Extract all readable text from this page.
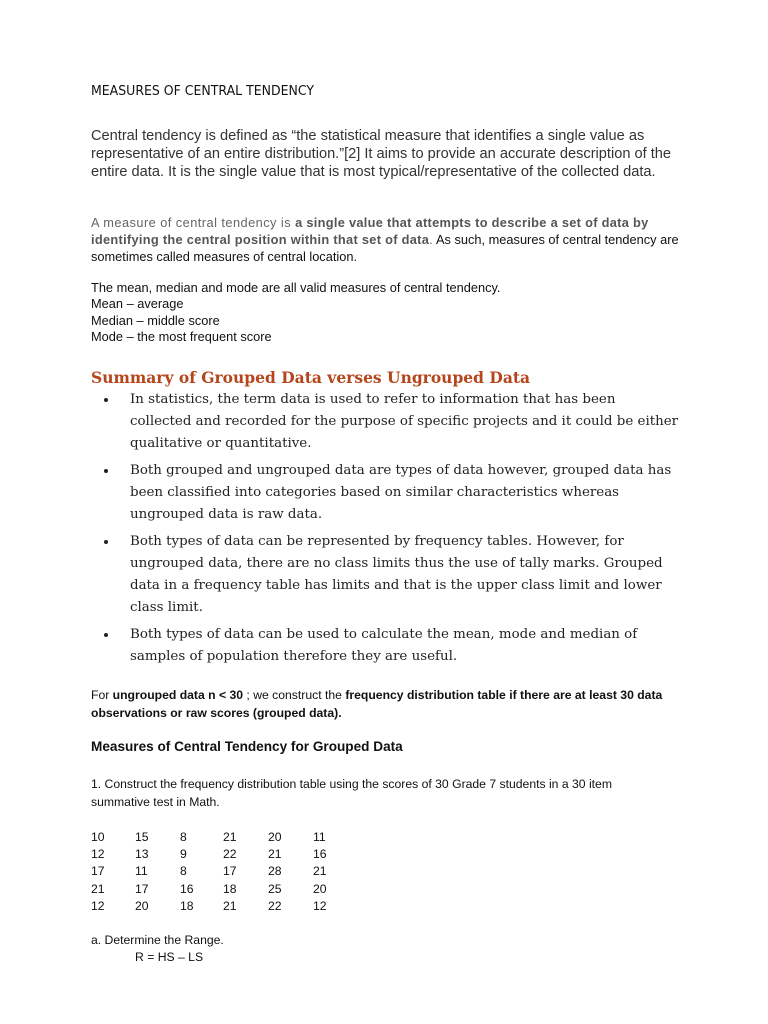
MEASURES OF CENTRAL TENDENCY
Central tendency is defined as “the statistical measure that identifies a single value as representative of an entire distribution.”[2] It aims to provide an accurate description of the entire data. It is the single value that is most typical/representative of the collected data.
A measure of central tendency is a single value that attempts to describe a set of data by identifying the central position within that set of data. As such, measures of central tendency are sometimes called measures of central location.
The mean, median and mode are all valid measures of central tendency.
Mean – average
Median – middle score
Mode – the most frequent score
Summary of Grouped Data verses Ungrouped Data
In statistics, the term data is used to refer to information that has been collected and recorded for the purpose of specific projects and it could be either qualitative or quantitative.
Both grouped and ungrouped data are types of data however, grouped data has been classified into categories based on similar characteristics whereas ungrouped data is raw data.
Both types of data can be represented by frequency tables. However, for ungrouped data, there are no class limits thus the use of tally marks. Grouped data in a frequency table has limits and that is the upper class limit and lower class limit.
Both types of data can be used to calculate the mean, mode and median of samples of population therefore they are useful.
For ungrouped data n < 30 ; we construct the frequency distribution table if there are at least 30 data observations or raw scores (grouped data).
Measures of Central Tendency for Grouped Data
1. Construct the frequency distribution table using the scores of 30 Grade 7 students in a 30 item summative test in Math.
10	15	8	21	20	11
12	13	9	22	21	16
17	11	8	17	28	21
21	17	16	18	25	20
12	20	18	21	22	12
a. Determine the Range.
R = HS – LS
